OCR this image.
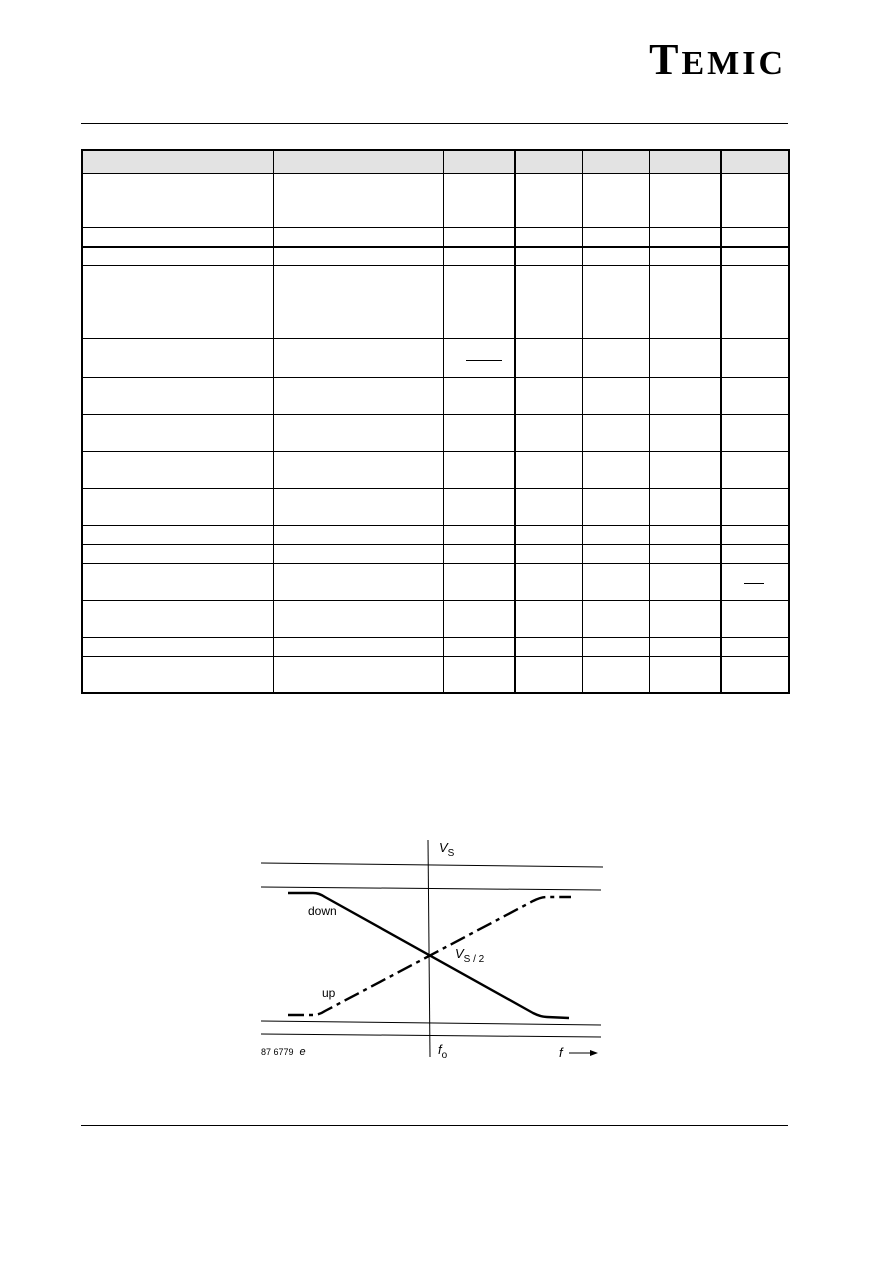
TEMIC

$V_S$
down
$V_{S / 2}$
up
87 6779 e	$f_o$	f
